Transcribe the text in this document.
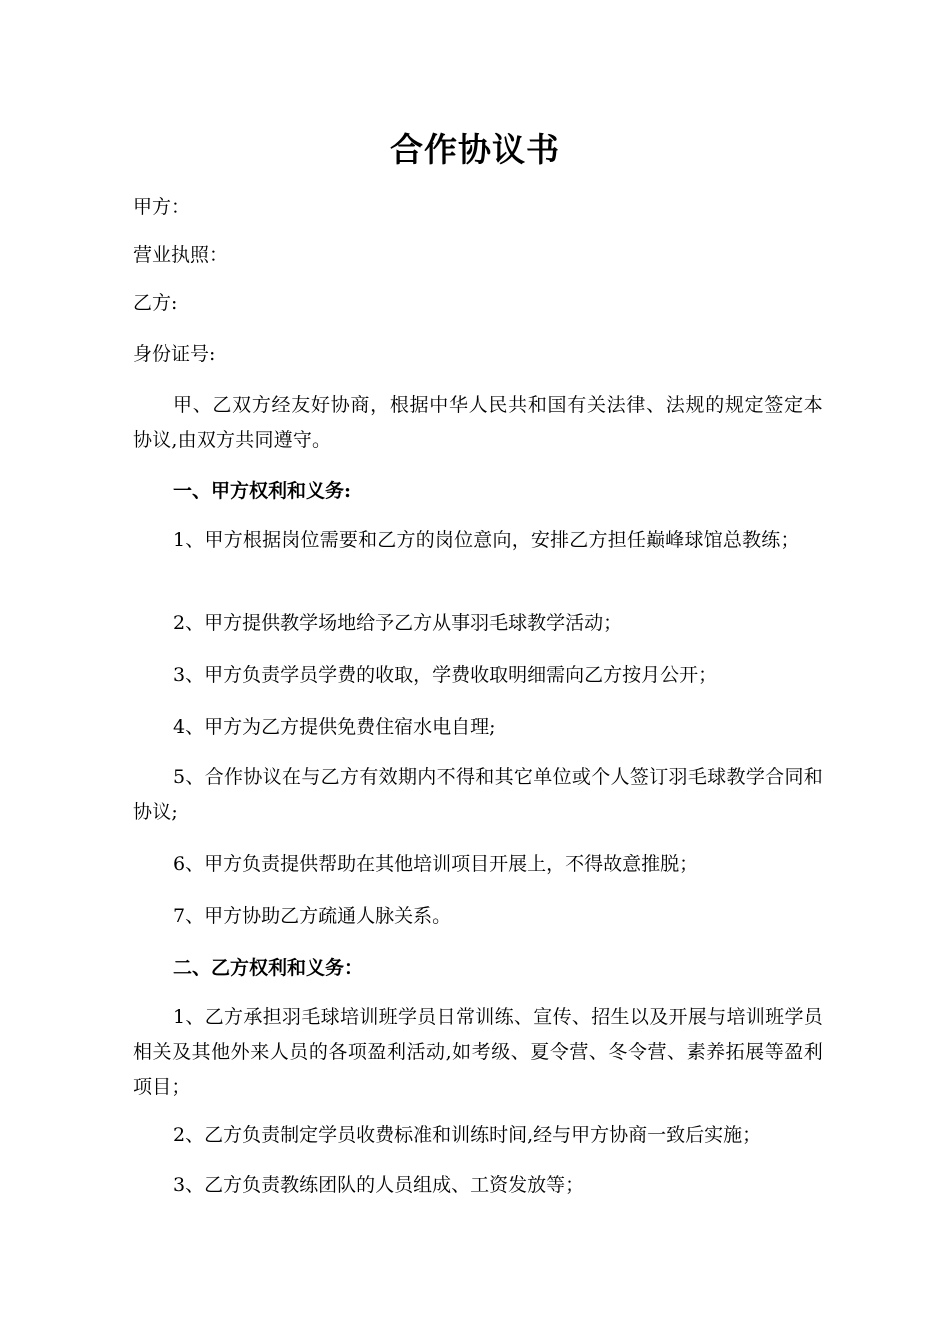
合作协议书
甲方：
营业执照：
乙方:
身份证号:
甲、乙双方经友好协商，根据中华人民共和国有关法律、法规的规定签定本协议,由双方共同遵守。
一、甲方权利和义务:
1、甲方根据岗位需要和乙方的岗位意向，安排乙方担任巅峰球馆总教练；
2、甲方提供教学场地给予乙方从事羽毛球教学活动；
3、甲方负责学员学费的收取，学费收取明细需向乙方按月公开；
4、甲方为乙方提供免费住宿水电自理;
5、合作协议在与乙方有效期内不得和其它单位或个人签订羽毛球教学合同和协议;
6、甲方负责提供帮助在其他培训项目开展上，不得故意推脱；
7、甲方协助乙方疏通人脉关系。
二、乙方权利和义务：
1、乙方承担羽毛球培训班学员日常训练、宣传、招生以及开展与培训班学员相关及其他外来人员的各项盈利活动,如考级、夏令营、冬令营、素养拓展等盈利项目；
2、乙方负责制定学员收费标准和训练时间,经与甲方协商一致后实施；
3、乙方负责教练团队的人员组成、工资发放等；
